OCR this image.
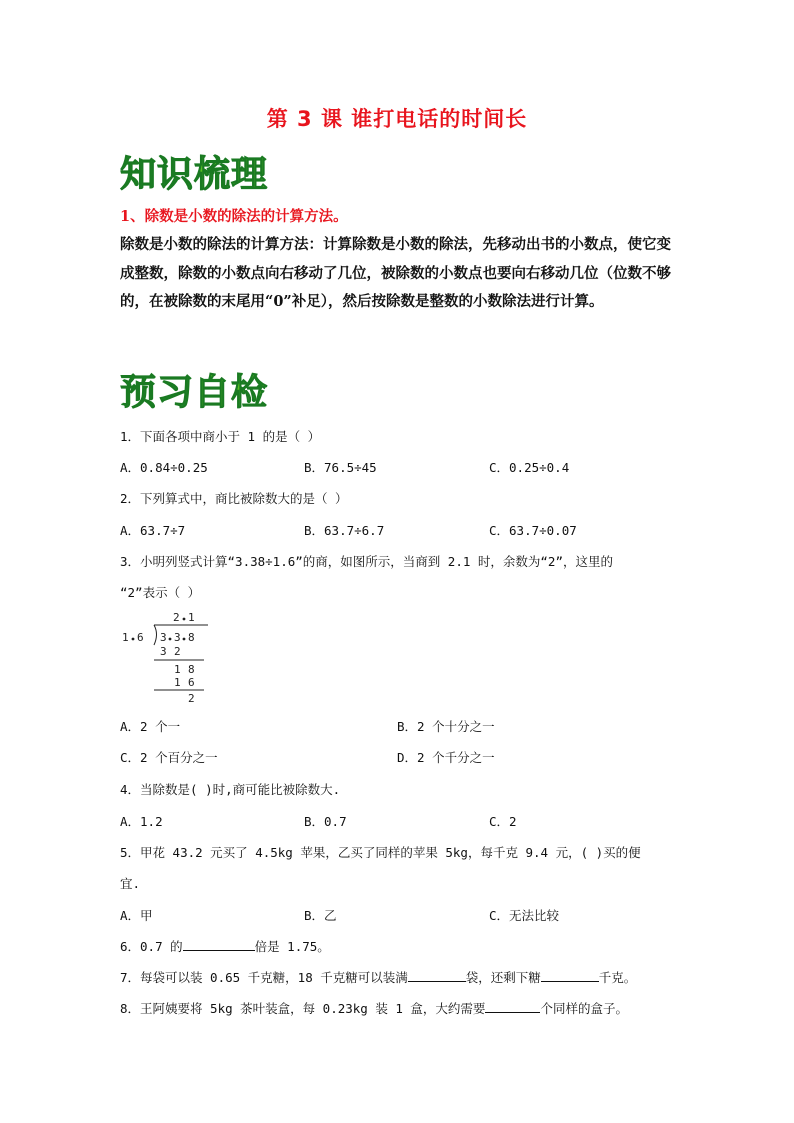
第 3 课 谁打电话的时间长
知识梳理
1、除数是小数的除法的计算方法。
除数是小数的除法的计算方法：计算除数是小数的除法，先移动出书的小数点，使它变成整数，除数的小数点向右移动了几位，被除数的小数点也要向右移动几位（位数不够的，在被除数的末尾用“0”补足），然后按除数是整数的小数除法进行计算。
预习自检
1．下面各项中商小于 1 的是（ ）
A．0.84÷0.25	B．76.5÷45	C．0.25÷0.4
2．下列算式中，商比被除数大的是（ ）
A．63.7÷7	B．63.7÷6.7	C．63.7÷0.07
3．小明列竖式计算“3.38÷1.6”的商，如图所示，当商到 2.1 时，余数为“2”，这里的
“2”表示（ ）
2 1
1 6 3 3 8
3 2
1 8
1 6
2
A．2 个一	B．2 个十分之一
C．2 个百分之一	D．2 个千分之一
4．当除数是( )时,商可能比被除数大.
A．1.2	B．0.7	C．2
5．甲花 43.2 元买了 4.5kg 苹果，乙买了同样的苹果 5kg，每千克 9.4 元，( )买的便
宜.
A．甲	B．乙	C．无法比较
6．0.7 的	倍是 1.75。
7．每袋可以装 0.65 千克糖，18 千克糖可以装满	袋，还剩下糖	千克。
8．王阿姨要将 5kg 茶叶装盒，每 0.23kg 装 1 盒，大约需要	个同样的盒子。
